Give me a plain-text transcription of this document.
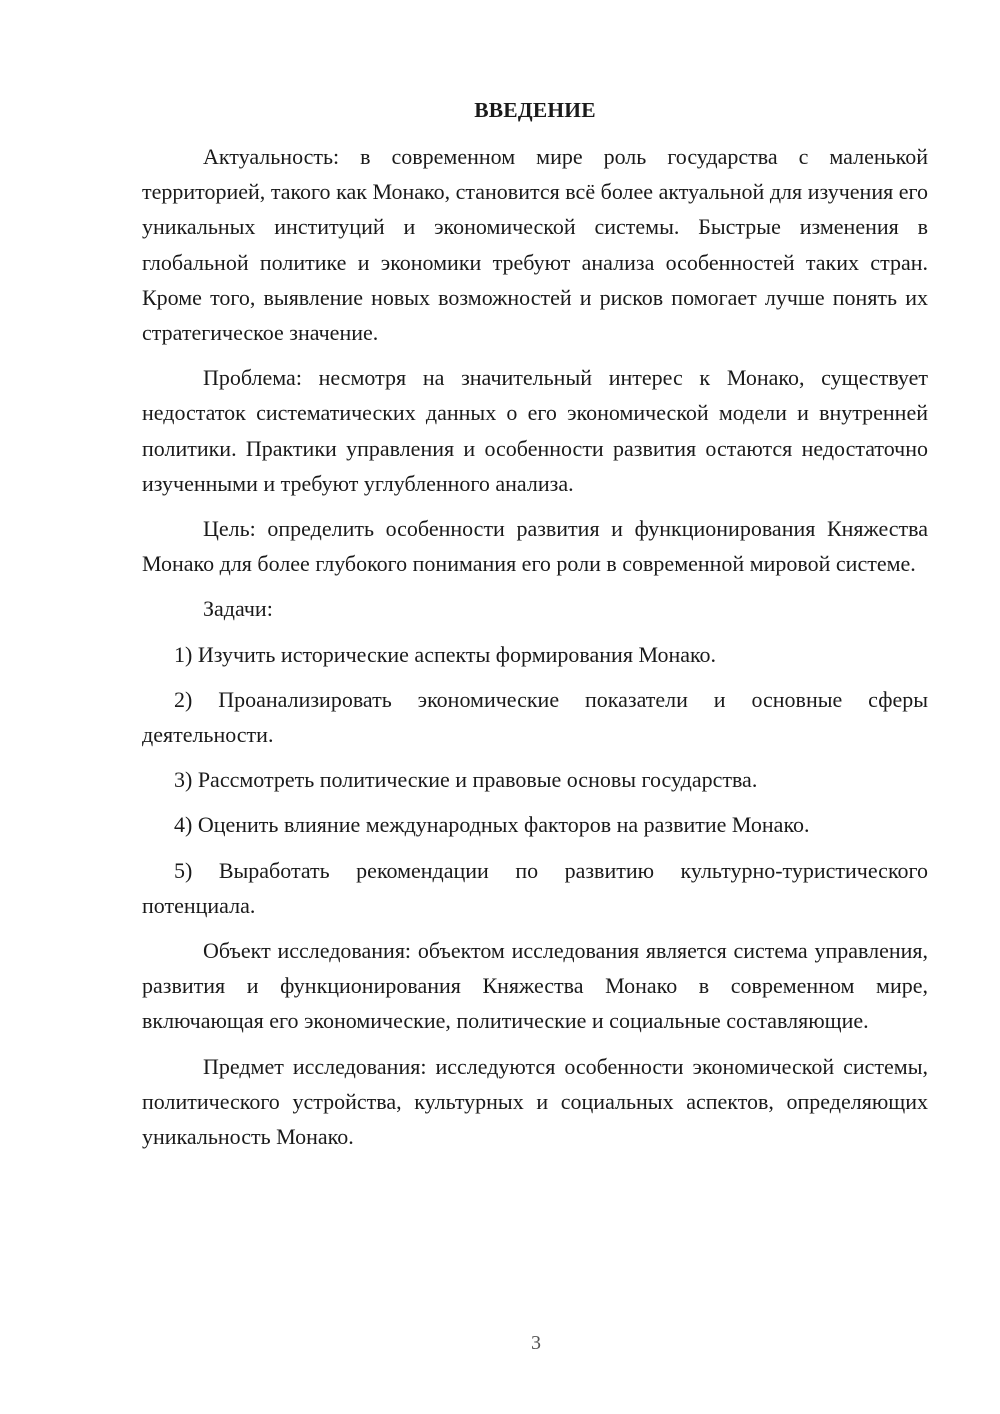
ВВЕДЕНИЕ

Актуальность: в современном мире роль государства с маленькой территорией, такого как Монако, становится всё более актуальной для изучения его уникальных институций и экономической системы. Быстрые изменения в глобальной политике и экономики требуют анализа особенностей таких стран. Кроме того, выявление новых возможностей и рисков помогает лучше понять их стратегическое значение.

Проблема: несмотря на значительный интерес к Монако, существует недостаток систематических данных о его экономической модели и внутренней политики. Практики управления и особенности развития остаются недостаточно изученными и требуют углубленного анализа.

Цель: определить особенности развития и функционирования Княжества Монако для более глубокого понимания его роли в современной мировой системе.

Задачи:

1) Изучить исторические аспекты формирования Монако.

2) Проанализировать экономические показатели и основные сферы деятельности.

3) Рассмотреть политические и правовые основы государства.

4) Оценить влияние международных факторов на развитие Монако.

5) Выработать рекомендации по развитию культурно-туристического потенциала.

Объект исследования: объектом исследования является система управления, развития и функционирования Княжества Монако в современном мире, включающая его экономические, политические и социальные составляющие.

Предмет исследования: исследуются особенности экономической системы, политического устройства, культурных и социальных аспектов, определяющих уникальность Монако.

3
